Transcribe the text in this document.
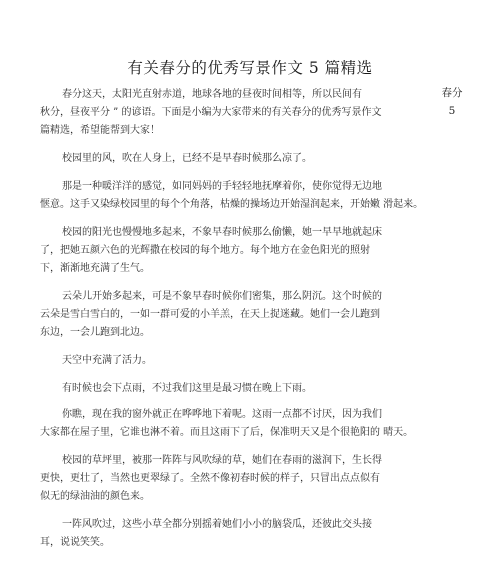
有关春分的优秀写景作文 5 篇精选
春分
5
春分这天，太阳光直射赤道，地球各地的昼夜时间相等，所以民间有
秋分，昼夜平分 ” 的谚语。下面是小编为大家带来的有关春分的优秀写景作文
篇精选，希望能帮到大家！
校园里的风，吹在人身上，已经不是早春时候那么凉了。
那是一种暖洋洋的感觉，如同妈妈的手轻轻地抚摩着你，使你觉得无边地
惬意。这手又染绿校园里的每个个角落，枯燥的操场边开始湿润起来，开始嫩 滑起来。
校园的阳光也慢慢地多起来，不象早春时候那么偷懒，她一早早地就起床
了，把她五颜六色的光辉撒在校园的每个地方。每个地方在金色阳光的照射
下，渐渐地充满了生气。
云朵儿开始多起来，可是不象早春时候你们密集，那么阴沉。这个时候的
云朵是雪白雪白的，一如一群可爱的小羊羔，在天上捉迷藏。她们一会儿跑到
东边，一会儿跑到北边。
天空中充满了活力。
有时候也会下点雨，不过我们这里是最习惯在晚上下雨。
你瞧，现在我的窗外就正在哗哗地下着呢。这雨一点都不讨厌，因为我们
大家都在屋子里，它谁也淋不着。而且这雨下了后，保准明天又是个很艳阳的 晴天。
校园的草坪里，被那一阵阵与风吹绿的草，她们在春雨的滋润下，生长得
更快，更壮了，当然也更翠绿了。全然不像初春时候的样子，只冒出点点似有
似无的绿油油的颜色来。
一阵风吹过，这些小草全都分别摇着她们小小的脑袋瓜，还彼此交头接
耳，说说笑笑。
